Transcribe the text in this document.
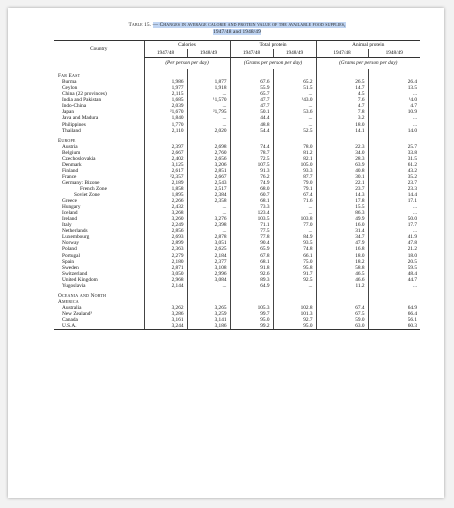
Table 15. — Changes in average calorie and protein value of the available food supplies,
1947/48 and 1948/49
Country	Calories		Total protein		Animal protein	
	1947/48	1948/49	1947/48	1948/49	1947/48	1948/49
	(Per person per day)		(Grams per person per day)		(Grams per person per day)	
Far East						
Burma	1,986	1,877	67.6	65.2	26.5	26.4
Ceylon	1,977	1,918	55.9	51.5	14.7	13.5
China (22 provinces)	2,115	...	65.7	...	4.5	...
India and Pakistan	1,685	¹1,570	47.7	¹43.0	7.6	¹4.0
Indo-China	2,039	...	47.7	...	4.7	4.7
Japan	²1,670	²1,795	50.1	53.6	7.8	10.9
Java and Madura	1,840	...	44.4	...	3.2	...
Philippines	1,770	...	48.8	...	18.0	...
Thailand	2,110	2,020	54.4	52.5	14.1	14.0
Europe						
Austria	2,397	2,698	74.4	78.0	22.3	25.7
Belgium	2,667	2,760	78.7	81.2	34.0	33.8
Czechoslovakia	2,402	2,656	72.5	82.1	28.3	31.5
Denmark	3,125	3,206	107.5	105.0	63.9	61.2
Finland	2,617	2,851	91.3	93.3	40.8	43.2
France	²2,357	2,667	76.2	87.7	30.1	35.2
Germany: Bizone	2,189	2,543	74.9	79.0	22.1	23.7
French Zone	1,858	2,517	68.0	79.1	23.7	23.3
Soviet Zone	1,895	2,384	60.7	67.4	14.3	14.4
Greece	2,266	2,358	68.1	71.6	17.8	17.1
Hungary	2,432	...	73.3	...	15.5	...
Iceland	3,268	...	123.4	...	86.3	...
Ireland	3,260	3,276	103.5	103.8	49.9	50.0
Italy	2,249	2,398	71.1	77.0	16.0	17.7
Netherlands	2,856	...	77.5	...	31.4	...
Luxembourg	2,693	2,878	77.8	84.9	34.7	41.9
Norway	2,899	3,051	90.4	93.5	47.9	47.8
Poland	2,363	2,625	65.9	74.8	16.8	21.2
Portugal	2,279	2,184	67.8	66.1	18.0	18.0
Spain	2,180	2,377	68.1	75.0	18.2	20.5
Sweden	2,871	3,108	91.8	95.8	58.8	59.5
Switzerland	3,050	2,996	92.6	91.7	46.5	48.4
United Kingdom	2,968	3,084	89.3	92.5	46.6	44.7
Yugoslavia	2,144	...	64.9	...	11.2	...
Oceania and North						
America						
Australia	3,262	3,265	105.3	102.8	67.4	64.9
New Zealand³	3,286	3,259	99.7	101.3	67.5	66.4
Canada	3,161	3,141	95.0	92.7	59.0	56.1
U.S.A.	3,244	3,186	99.2	95.0	63.0	60.3
